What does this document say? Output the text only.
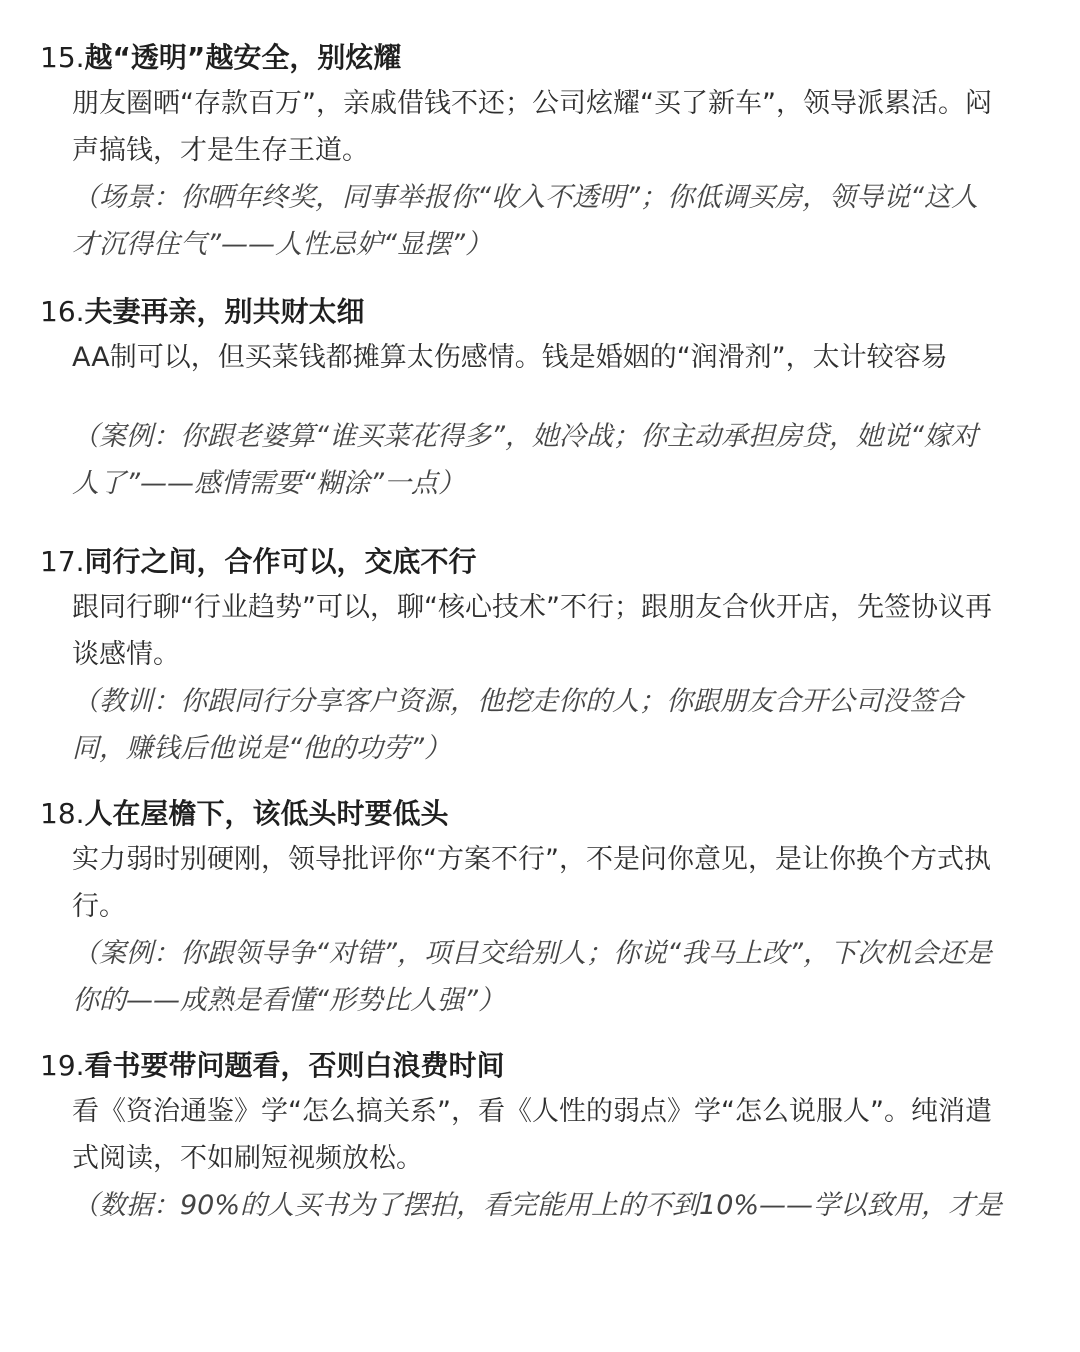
15.越“透明”越安全，别炫耀
朋友圈晒“存款百万”，亲戚借钱不还；公司炫耀“买了新车”，领导派累活。闷
声搞钱，才是生存王道。
（场景：你晒年终奖，同事举报你“收入不透明”；你低调买房，领导说“这人
才沉得住气”——人性忌妒“显摆”）
16.夫妻再亲，别共财太细
AA制可以，但买菜钱都摊算太伤感情。钱是婚姻的“润滑剂”，太计较容易
（案例：你跟老婆算“谁买菜花得多”，她冷战；你主动承担房贷，她说“嫁对
人了”——感情需要“糊涂”一点）
17.同行之间，合作可以，交底不行
跟同行聊“行业趋势”可以，聊“核心技术”不行；跟朋友合伙开店，先签协议再
谈感情。
（教训：你跟同行分享客户资源，他挖走你的人；你跟朋友合开公司没签合
同，赚钱后他说是“他的功劳”）
18.人在屋檐下，该低头时要低头
实力弱时别硬刚，领导批评你“方案不行”，不是问你意见，是让你换个方式执
行。
（案例：你跟领导争“对错”，项目交给别人；你说“我马上改”，下次机会还是
你的——成熟是看懂“形势比人强”）
19.看书要带问题看，否则白浪费时间
看《资治通鉴》学“怎么搞关系”，看《人性的弱点》学“怎么说服人”。纯消遣
式阅读，不如刷短视频放松。
（数据：90%的人买书为了摆拍，看完能用上的不到10%——学以致用，才是
